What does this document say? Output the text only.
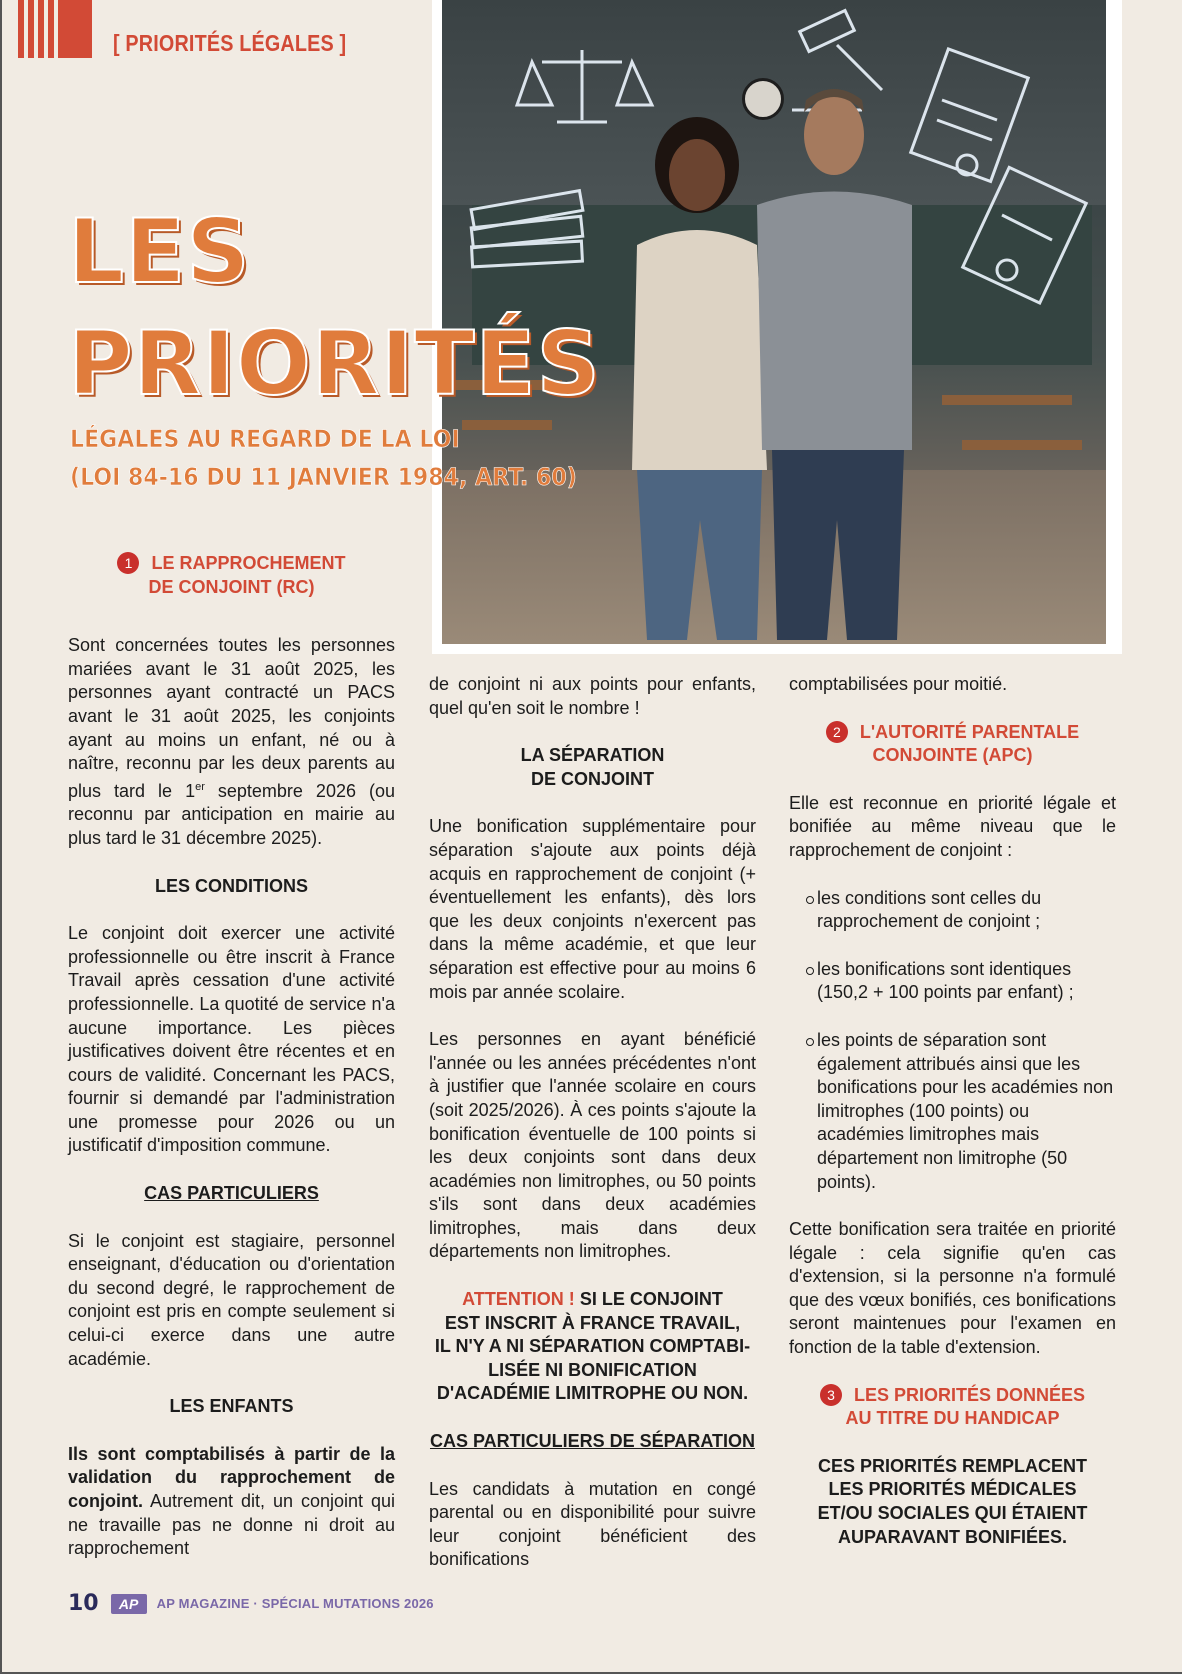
[ PRIORITÉS LÉGALES ]
LES
PRIORITÉS
LÉGALES AU REGARD DE LA LOI
(LOI 84-16 DU 11 JANVIER 1984, ART. 60)

1 LE RAPPROCHEMENT
DE CONJOINT (RC)

Sont concernées toutes les personnes mariées avant le 31 août 2025, les personnes ayant contracté un PACS avant le 31 août 2025, les conjoints ayant au moins un enfant, né ou à naître, reconnu par les deux parents au plus tard le 1er septembre 2026 (ou reconnu par anticipation en mairie au plus tard le 31 décembre 2025).

LES CONDITIONS

Le conjoint doit exercer une activité professionnelle ou être inscrit à France Travail après cessation d'une activité professionnelle. La quotité de service n'a aucune importance. Les pièces justificatives doivent être récentes et en cours de validité. Concernant les PACS, fournir si demandé par l'administration une promesse pour 2026 ou un justificatif d'imposition commune.

CAS PARTICULIERS

Si le conjoint est stagiaire, personnel enseignant, d'éducation ou d'orientation du second degré, le rapprochement de conjoint est pris en compte seulement si celui-ci exerce dans une autre académie.

LES ENFANTS

Ils sont comptabilisés à partir de la validation du rapprochement de conjoint. Autrement dit, un conjoint qui ne travaille pas ne donne ni droit au rapprochement

de conjoint ni aux points pour enfants, quel qu'en soit le nombre !

LA SÉPARATION
DE CONJOINT

Une bonification supplémentaire pour séparation s'ajoute aux points déjà acquis en rapprochement de conjoint (+ éventuellement les enfants), dès lors que les deux conjoints n'exercent pas dans la même académie, et que leur séparation est effective pour au moins 6 mois par année scolaire.

Les personnes en ayant bénéficié l'année ou les années précédentes n'ont à justifier que l'année scolaire en cours (soit 2025/2026). À ces points s'ajoute la bonification éventuelle de 100 points si les deux conjoints sont dans deux académies non limitrophes, ou 50 points s'ils sont dans deux académies limitrophes, mais dans deux départements non limitrophes.

ATTENTION ! SI LE CONJOINT
EST INSCRIT À FRANCE TRAVAIL,
IL N'Y A NI SÉPARATION COMPTABI-
LISÉE NI BONIFICATION
D'ACADÉMIE LIMITROPHE OU NON.

CAS PARTICULIERS DE SÉPARATION

Les candidats à mutation en congé parental ou en disponibilité pour suivre leur conjoint bénéficient des bonifications

comptabilisées pour moitié.

2 L'AUTORITÉ PARENTALE
CONJOINTE (APC)

Elle est reconnue en priorité légale et bonifiée au même niveau que le rapprochement de conjoint :

les conditions sont celles du rapprochement de conjoint ;
les bonifications sont identiques (150,2 + 100 points par enfant) ;
les points de séparation sont également attribués ainsi que les bonifications pour les académies non limitrophes (100 points) ou académies limitrophes mais département non limitrophe (50 points).

Cette bonification sera traitée en priorité légale : cela signifie qu'en cas d'extension, si la personne n'a formulé que des vœux bonifiés, ces bonifications seront maintenues pour l'examen en fonction de la table d'extension.

3 LES PRIORITÉS DONNÉES
AU TITRE DU HANDICAP

CES PRIORITÉS REMPLACENT
LES PRIORITÉS MÉDICALES
ET/OU SOCIALES QUI ÉTAIENT
AUPARAVANT BONIFIÉES.

10	AP	AP MAGAZINE · SPÉCIAL MUTATIONS 2026
